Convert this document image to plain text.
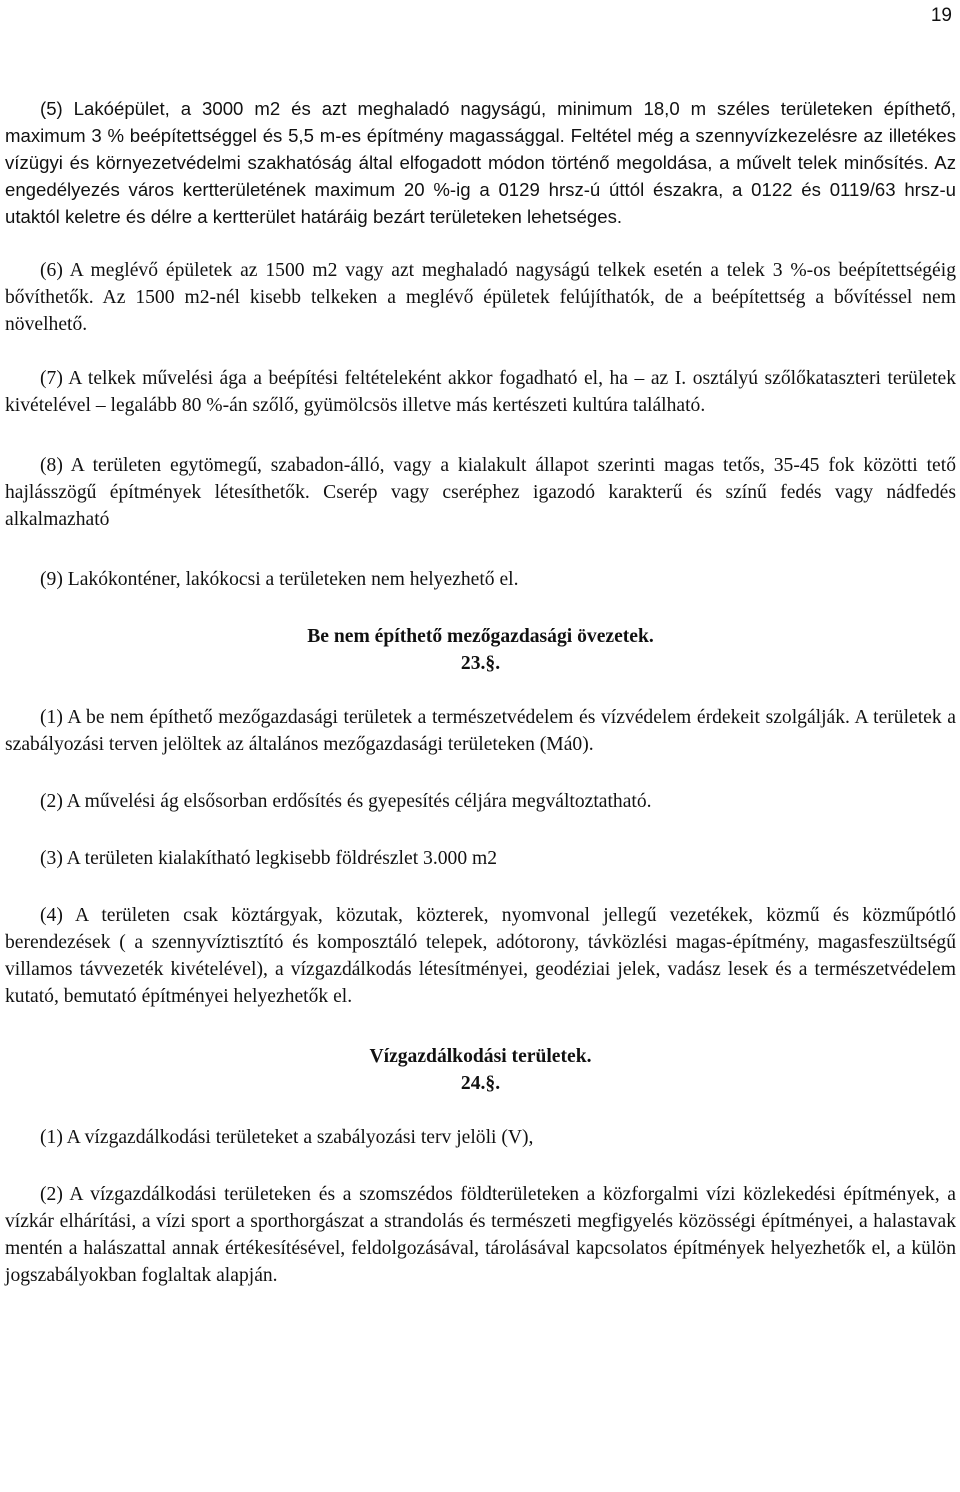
19

(5) Lakóépület, a 3000 m2 és azt meghaladó nagyságú, minimum 18,0 m széles területeken építhető, maximum 3 % beépítettséggel és 5,5 m-es építmény magassággal. Feltétel még a szennyvízkezelésre az illetékes vízügyi és környezetvédelmi szakhatóság által elfogadott módon történő megoldása, a művelt telek minősítés. Az engedélyezés város kertterületének maximum 20 %-ig a 0129 hrsz-ú úttól északra, a 0122 és 0119/63 hrsz-u utaktól keletre és délre a kertterület határáig bezárt területeken lehetséges.

(6) A meglévő épületek az 1500 m2 vagy azt meghaladó nagyságú telkek esetén a telek 3 %-os beépítettségéig bővíthetők. Az 1500 m2-nél kisebb telkeken a meglévő épületek felújíthatók, de a beépítettség a bővítéssel nem növelhető.

(7) A telkek művelési ága a beépítési feltételeként akkor fogadható el, ha – az I. osztályú szőlőkataszteri területek kivételével – legalább 80 %-án szőlő, gyümölcsös illetve más kertészeti kultúra található.

(8) A területen egytömegű, szabadon-álló, vagy a kialakult állapot szerinti magas tetős, 35-45 fok közötti tető hajlásszögű építmények létesíthetők. Cserép vagy cseréphez igazodó karakterű és színű fedés vagy nádfedés alkalmazható

(9) Lakókonténer, lakókocsi a területeken nem helyezhető el.

Be nem építhető mezőgazdasági övezetek.

23.§.

(1) A be nem építhető mezőgazdasági területek a természetvédelem és vízvédelem érdekeit szolgálják. A területek a szabályozási terven jelöltek az általános mezőgazdasági területeken (Má0).

(2) A művelési ág elsősorban erdősítés és gyepesítés céljára megváltoztatható.

(3) A területen kialakítható legkisebb földrészlet 3.000 m2

(4) A területen csak köztárgyak, közutak, közterek, nyomvonal jellegű vezetékek, közmű és közműpótló berendezések ( a szennyvíztisztító és komposztáló telepek, adótorony, távközlési magas-építmény, magasfeszültségű villamos távvezeték kivételével), a vízgazdálkodás létesítményei, geodéziai jelek, vadász lesek és a természetvédelem kutató, bemutató építményei helyezhetők el.

Vízgazdálkodási területek.

24.§.

(1) A vízgazdálkodási területeket a szabályozási terv jelöli (V),

(2) A vízgazdálkodási területeken és a szomszédos földterületeken a közforgalmi vízi közlekedési építmények, a vízkár elhárítási, a vízi sport a sporthorgászat a strandolás és természeti megfigyelés közösségi építményei, a halastavak mentén a halászattal annak értékesítésével, feldolgozásával, tárolásával kapcsolatos építmények helyezhetők el, a külön jogszabályokban foglaltak alapján.
